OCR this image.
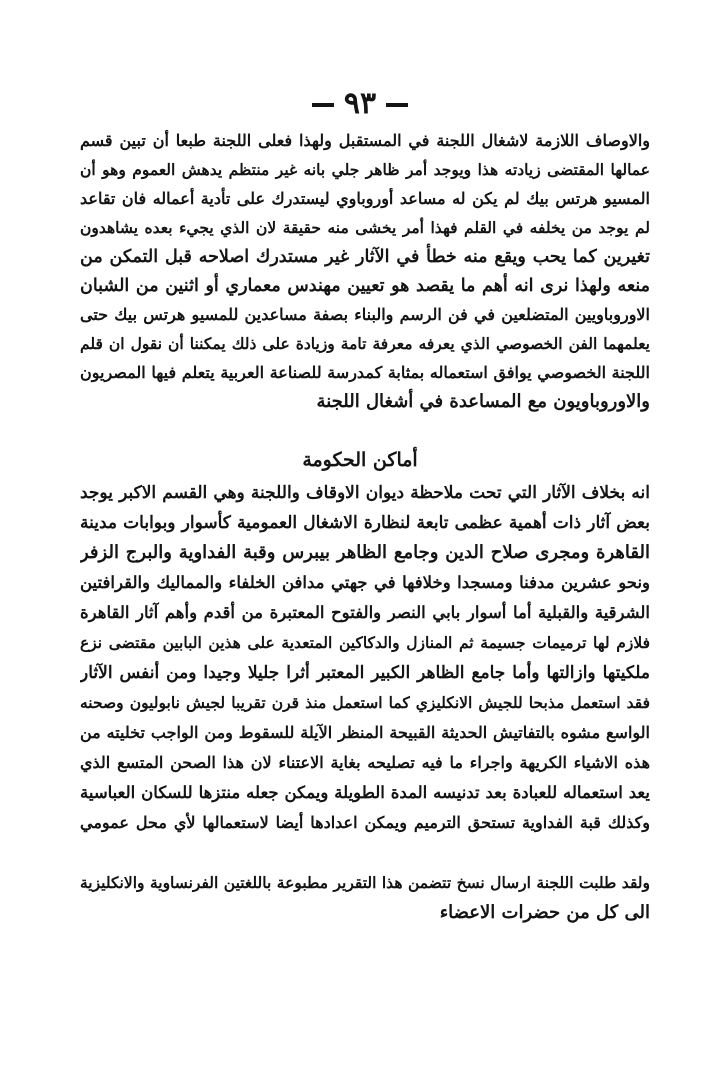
٩٣
والاوصاف اللازمة لاشغال اللجنة في المستقبل ولهذا فعلى اللجنة طبعا أن تبين قسم
عمالها المقتضى زيادته هذا ويوجد أمر ظاهر جلي بانه غير منتظم يدهش العموم وهو أن
المسيو هرتس بيك لم يكن له مساعد أوروباوي ليستدرك على تأدية أعماله فان تقاعد
لم يوجد من يخلفه في القلم فهذا أمر يخشى منه حقيقة لان الذي يجيء بعده يشاهدون
تغيرين كما يحب ويقع منه خطأ في الآثار غير مستدرك اصلاحه قبل التمكن من
منعه ولهذا نرى انه أهم ما يقصد هو تعيين مهندس معماري أو اثنين من الشبان
الاوروباويين المتضلعين في فن الرسم والبناء بصفة مساعدين للمسيو هرتس بيك حتى
يعلمهما الفن الخصوصي الذي يعرفه معرفة تامة وزيادة على ذلك يمكننا أن نقول ان قلم
اللجنة الخصوصي يوافق استعماله بمثابة كمدرسة للصناعة العربية يتعلم فيها المصريون
والاوروباويون مع المساعدة في أشغال اللجنة
أماكن الحكومة
انه بخلاف الآثار التي تحت ملاحظة ديوان الاوقاف واللجنة وهي القسم الاكبر يوجد
بعض آثار ذات أهمية عظمى تابعة لنظارة الاشغال العمومية كأسوار وبوابات مدينة
القاهرة ومجرى صلاح الدين وجامع الظاهر بيبرس وقبة الفداوية والبرج الزفر
ونحو عشرين مدفنا ومسجدا وخلافها في جهتي مدافن الخلفاء والمماليك والقرافتين
الشرقية والقبلية أما أسوار بابي النصر والفتوح المعتبرة من أقدم وأهم آثار القاهرة
فلازم لها ترميمات جسيمة ثم المنازل والدكاكين المتعدية على هذين البابين مقتضى نزع
ملكيتها وازالتها وأما جامع الظاهر الكبير المعتبر أثرا جليلا وجيدا ومن أنفس الآثار
فقد استعمل مذبحا للجيش الانكليزي كما استعمل منذ قرن تقريبا لجيش نابوليون وصحنه
الواسع مشوه بالتفاتيش الحديثة القبيحة المنظر الآيلة للسقوط ومن الواجب تخليته من
هذه الاشياء الكريهة واجراء ما فيه تصليحه بغاية الاعتناء لان هذا الصحن المتسع الذي
يعد استعماله للعبادة بعد تدنيسه المدة الطويلة ويمكن جعله منتزها للسكان العباسية
وكذلك قبة الفداوية تستحق الترميم ويمكن اعدادها أيضا لاستعمالها لأي محل عمومي
ولقد طلبت اللجنة ارسال نسخ تتضمن هذا التقرير مطبوعة باللغتين الفرنساوية والانكليزية
الى كل من حضرات الاعضاء
